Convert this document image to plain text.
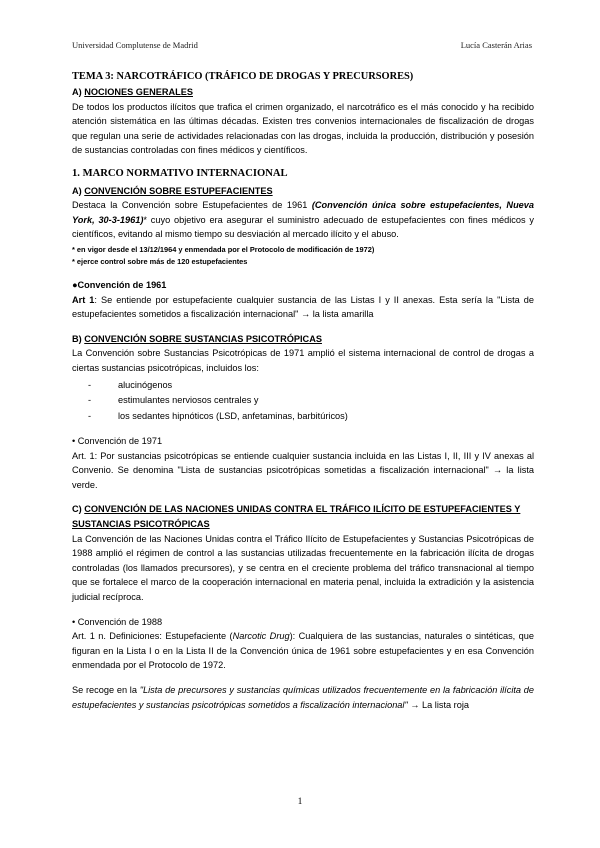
Universidad Complutense de Madrid	Lucía Casterán Arias

TEMA 3: NARCOTRÁFICO (TRÁFICO DE DROGAS Y PRECURSORES)

A) NOCIONES GENERALES

De todos los productos ilícitos que trafica el crimen organizado, el narcotráfico es el más conocido y ha recibido atención sistemática en las últimas décadas. Existen tres convenios internacionales de fiscalización de drogas que regulan una serie de actividades relacionadas con las drogas, incluida la producción, distribución y posesión de sustancias controladas con fines médicos y científicos.

1. MARCO NORMATIVO INTERNACIONAL

A) CONVENCIÓN SOBRE ESTUPEFACIENTES

Destaca la Convención sobre Estupefacientes de 1961 (Convención única sobre estupefacientes, Nueva York, 30-3-1961)* cuyo objetivo era asegurar el suministro adecuado de estupefacientes con fines médicos y científicos, evitando al mismo tiempo su desviación al mercado ilícito y el abuso.

* en vigor desde el 13/12/1964 y enmendada por el Protocolo de modificación de 1972)

* ejerce control sobre más de 120 estupefacientes

●Convención de 1961

Art 1: Se entiende por estupefaciente cualquier sustancia de las Listas I y II anexas. Esta sería la "Lista de estupefacientes sometidos a fiscalización internacional" → la lista amarilla

B) CONVENCIÓN SOBRE SUSTANCIAS PSICOTRÓPICAS

La Convención sobre Sustancias Psicotrópicas de 1971 amplió el sistema internacional de control de drogas a ciertas sustancias psicotrópicas, incluidos los:

-	alucinógenos
-	estimulantes nerviosos centrales y
-	los sedantes hipnóticos (LSD, anfetaminas, barbitúricos)

• Convención de 1971

Art. 1: Por sustancias psicotrópicas se entiende cualquier sustancia incluida en las Listas I, II, III y IV anexas al Convenio. Se denomina "Lista de sustancias psicotrópicas sometidas a fiscalización internacional" → la lista verde.

C) CONVENCIÓN DE LAS NACIONES UNIDAS CONTRA EL TRÁFICO ILÍCITO DE ESTUPEFACIENTES Y SUSTANCIAS PSICOTRÓPICAS

La Convención de las Naciones Unidas contra el Tráfico Ilícito de Estupefacientes y Sustancias Psicotrópicas de 1988 amplió el régimen de control a las sustancias utilizadas frecuentemente en la fabricación ilícita de drogas controladas (los llamados precursores), y se centra en el creciente problema del tráfico transnacional al tiempo que se fortalece el marco de la cooperación internacional en materia penal, incluida la extradición y la asistencia judicial recíproca.

• Convención de 1988

Art. 1 n. Definiciones: Estupefaciente (Narcotic Drug): Cualquiera de las sustancias, naturales o sintéticas, que figuran en la Lista I o en la Lista II de la Convención única de 1961 sobre estupefacientes y en esa Convención enmendada por el Protocolo de 1972.

Se recoge en la "Lista de precursores y sustancias químicas utilizados frecuentemente en la fabricación ilícita de estupefacientes y sustancias psicotrópicas sometidos a fiscalización internacional" → La lista roja

1
